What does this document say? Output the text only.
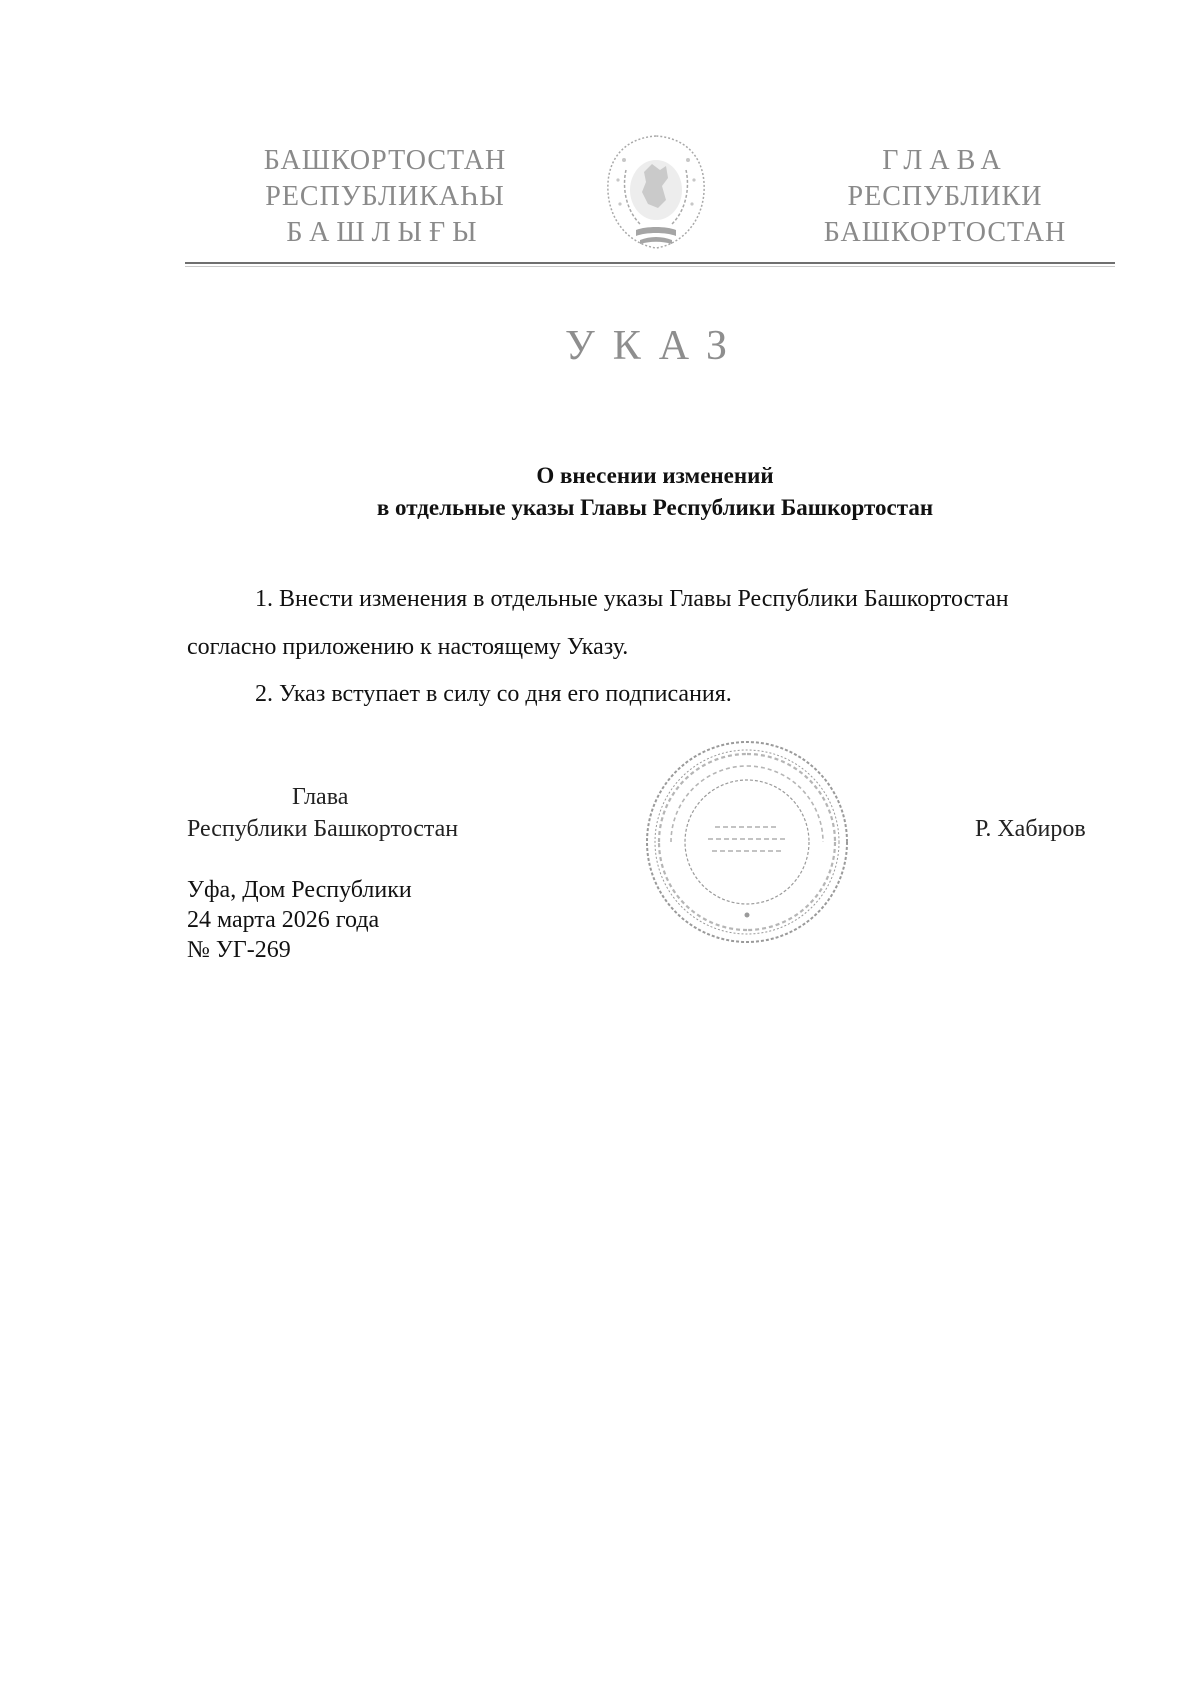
БАШКОРТОСТАН
РЕСПУБЛИКАҺЫ
БАШЛЫҒЫ
ГЛАВА
РЕСПУБЛИКИ
БАШКОРТОСТАН
УКАЗ
О внесении изменений
в отдельные указы Главы Республики Башкортостан
1. Внести изменения в отдельные указы Главы Республики Башкортостан
согласно приложению к настоящему Указу.
2. Указ вступает в силу со дня его подписания.
Глава
Республики Башкортостан	Р. Хабиров
Уфа, Дом Республики
24 марта 2026 года
№ УГ-269
